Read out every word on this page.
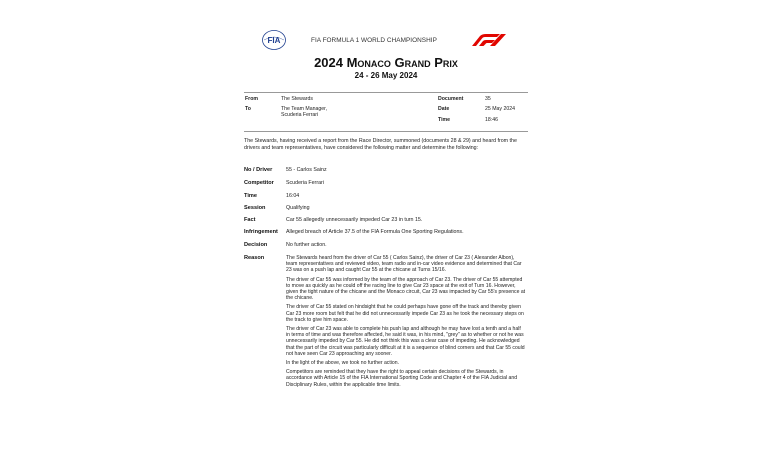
FIA	FIA FORMULA 1 WORLD CHAMPIONSHIP
2024 Monaco Grand Prix
24 - 26 May 2024
From	The Stewards
To	The Team Manager,
Scuderia Ferrari
Document	35
Date	25 May 2024
Time	18:46
The Stewards, having received a report from the Race Director, summoned (documents 28 & 29) and heard from the drivers and team representatives, have considered the following matter and determine the following:
No / Driver	55 - Carlos Sainz
Competitor Scuderia Ferrari
Time	16:04
Session	Qualifying
Fact	Car 55 allegedly unnecessarily impeded Car 23 in turn 15.
Infringement Alleged breach of Article 37.5 of the FIA Formula One Sporting Regulations.
Decision	No further action.
Reason	The Stewards heard from the driver of Car 55 ( Carlos Sainz), the driver of Car 23 ( Alexander Albon), team representatives and reviewed video, team radio and in-car video evidence and determined that Car 23 was on a push lap and caught Car 55 at the chicane at Turns 15/16.

The driver of Car 55 was informed by the team of the approach of Car 23. The driver of Car 55 attempted to move as quickly as he could off the racing line to give Car 23 space at the exit of Turn 16. However, given the tight nature of the chicane and the Monaco circuit, Car 23 was impacted by Car 55's presence at the chicane.

The driver of Car 55 stated on hindsight that he could perhaps have gone off the track and thereby given Car 23 more room but felt that he did not unnecessarily impede Car 23 as he took the necessary steps on the track to give him space.

The driver of Car 23 was able to complete his push lap and although he may have lost a tenth and a half in terms of time and was therefore affected, he said it was, in his mind, "grey" as to whether or not he was unnecessarily impeded by Car 55. He did not think this was a clear case of impeding. He acknowledged that the part of the circuit was particularly difficult at it is a sequence of blind corners and that Car 55 could not have seen Car 23 approaching any sooner.

In the light of the above, we took no further action.

Competitors are reminded that they have the right to appeal certain decisions of the Stewards, in accordance with Article 15 of the FIA International Sporting Code and Chapter 4 of the FIA Judicial and Disciplinary Rules, within the applicable time limits.
